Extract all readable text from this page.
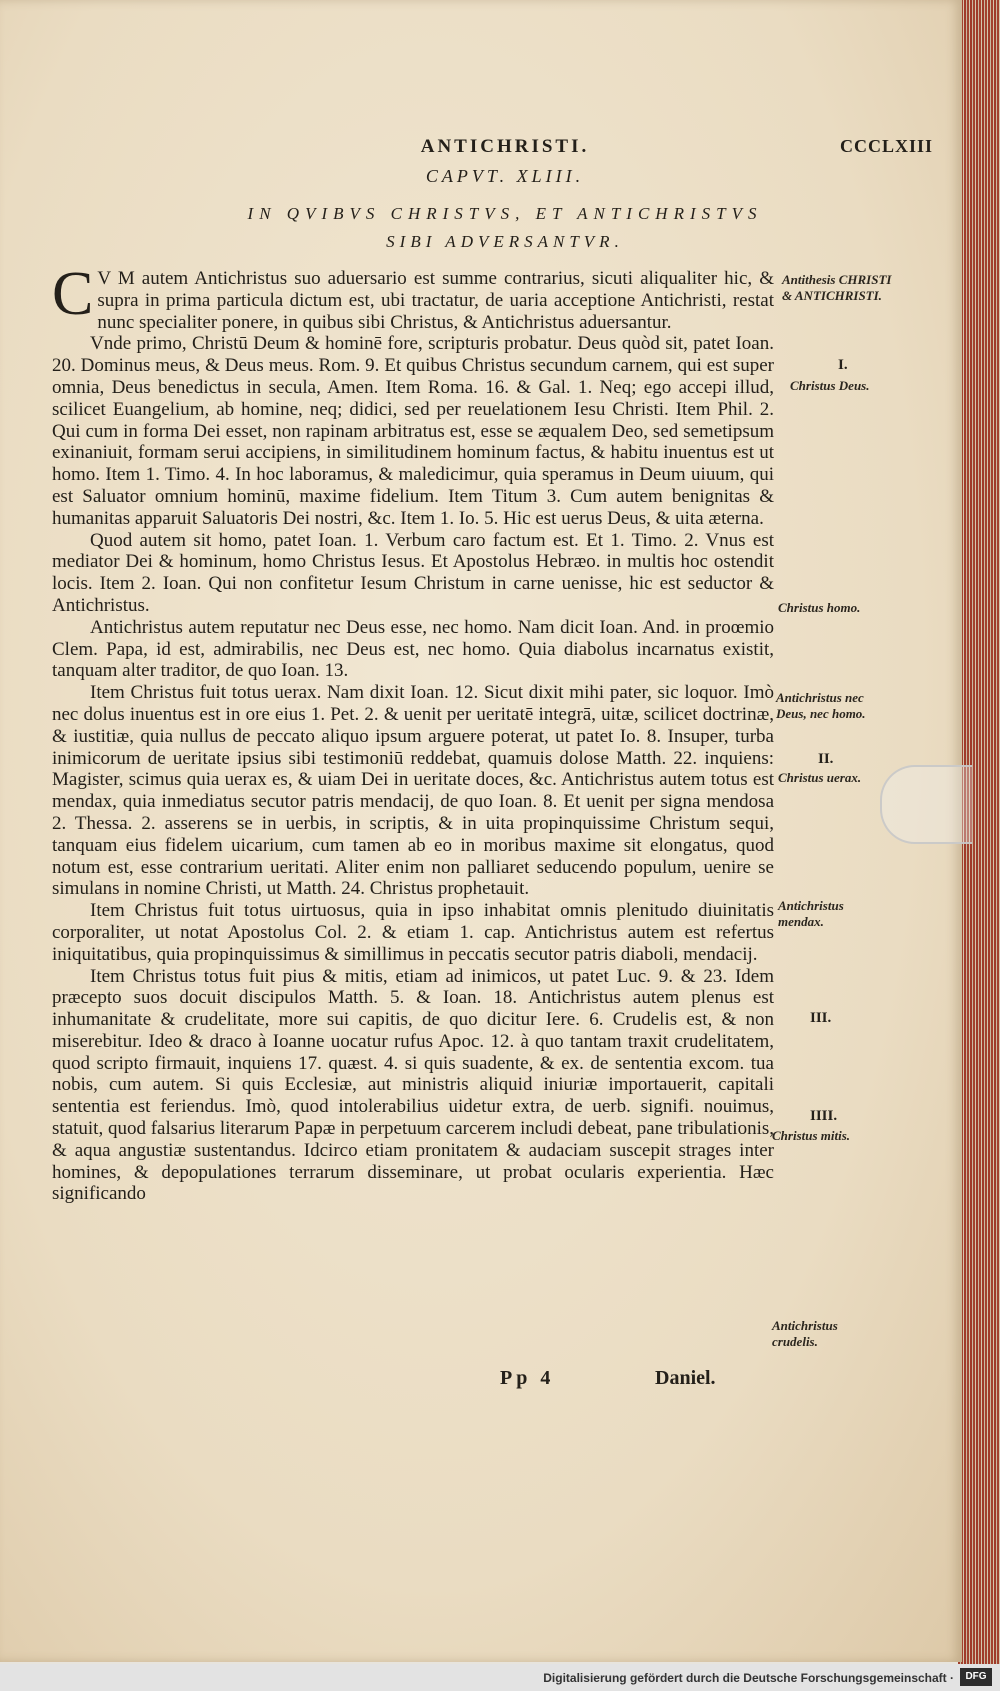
ANTICHRISTI.	CCCLXIII
CAPVT. XLIII.
IN QVIBVS CHRISTVS, ET ANTICHRISTVS
SIBI ADVERSANTVR.

C V M autem Antichristus suo aduersario est summe contrarius, sicuti aliqualiter hic, & supra in prima particula dictum est, ubi tractatur, de uaria acceptione Antichristi, restat nunc specialiter ponere, in quibus sibi Christus, & Antichristus aduersantur.

Vnde primo, Christū Deum & hominē fore, scripturis probatur. Deus quòd sit, patet Ioan. 20. Dominus meus, & Deus meus. Rom. 9. Et quibus Christus secundum carnem, qui est super omnia, Deus benedictus in secula, Amen. Item Roma. 16. & Gal. 1. Neq; ego accepi illud, scilicet Euangelium, ab homine, neq; didici, sed per reuelationem Iesu Christi. Item Phil. 2. Qui cum in forma Dei esset, non rapinam arbitratus est, esse se æqualem Deo, sed semetipsum exinaniuit, formam serui accipiens, in similitudinem hominum factus, & habitu inuentus est ut homo. Item 1. Timo. 4. In hoc laboramus, & maledicimur, quia speramus in Deum uiuum, qui est Saluator omnium hominū, maxime fidelium. Item Titum 3. Cum autem benignitas & humanitas apparuit Saluatoris Dei nostri, &c. Item 1. Io. 5. Hic est uerus Deus, & uita æterna.

Quod autem sit homo, patet Ioan. 1. Verbum caro factum est. Et 1. Timo. 2. Vnus est mediator Dei & hominum, homo Christus Iesus. Et Apostolus Hebræo. in multis hoc ostendit locis. Item 2. Ioan. Qui non confitetur Iesum Christum in carne uenisse, hic est seductor & Antichristus.

Antichristus autem reputatur nec Deus esse, nec homo. Nam dicit Ioan. And. in proœmio Clem. Papa, id est, admirabilis, nec Deus est, nec homo. Quia diabolus incarnatus existit, tanquam alter traditor, de quo Ioan. 13.

Item Christus fuit totus uerax. Nam dixit Ioan. 12. Sicut dixit mihi pater, sic loquor. Imò nec dolus inuentus est in ore eius 1. Pet. 2. & uenit per ueritatē integrā, uitæ, scilicet doctrinæ, & iustitiæ, quia nullus de peccato aliquo ipsum arguere poterat, ut patet Io. 8. Insuper, turba inimicorum de ueritate ipsius sibi testimoniū reddebat, quamuis dolose Matth. 22. inquiens: Magister, scimus quia uerax es, & uiam Dei in ueritate doces, &c. Antichristus autem totus est mendax, quia inmediatus secutor patris mendacij, de quo Ioan. 8. Et uenit per signa mendosa 2. Thessa. 2. asserens se in uerbis, in scriptis, & in uita propinquissime Christum sequi, tanquam eius fidelem uicarium, cum tamen ab eo in moribus maxime sit elongatus, quod notum est, esse contrarium ueritati. Aliter enim non palliaret seducendo populum, uenire se simulans in nomine Christi, ut Matth. 24. Christus prophetauit.

Item Christus fuit totus uirtuosus, quia in ipso inhabitat omnis plenitudo diuinitatis corporaliter, ut notat Apostolus Col. 2. & etiam 1. cap. Antichristus autem est refertus iniquitatibus, quia propinquissimus & simillimus in peccatis secutor patris diaboli, mendacij.

Item Christus totus fuit pius & mitis, etiam ad inimicos, ut patet Luc. 9. & 23. Idem præcepto suos docuit discipulos Matth. 5. & Ioan. 18. Antichristus autem plenus est inhumanitate & crudelitate, more sui capitis, de quo dicitur Iere. 6. Crudelis est, & non miserebitur. Ideo & draco à Ioanne uocatur rufus Apoc. 12. à quo tantam traxit crudelitatem, quod scripto firmauit, inquiens 17. quæst. 4. si quis suadente, & ex. de sententia excom. tua nobis, cum autem. Si quis Ecclesiæ, aut ministris aliquid iniuriæ importauerit, capitali sententia est feriendus. Imò, quod intolerabilius uidetur extra, de uerb. signifi. nouimus, statuit, quod falsarius literarum Papæ in perpetuum carcerem includi debeat, pane tribulationis, & aqua angustiæ sustentandus. Idcirco etiam pronitatem & audaciam suscepit strages inter homines, & depopulationes terrarum disseminare, ut probat ocularis experientia. Hæc significando

Antithesis CHRISTI & ANTICHRISTI.
I.
Christus Deus.
Christus homo.
Antichristus nec Deus, nec homo.
II.
Christus uerax.
Antichristus mendax.
III.
IIII.
Christus mitis.
Antichristus crudelis.
Pp 4	Daniel.
Digitalisierung gefördert durch die Deutsche Forschungsgemeinschaft ·	DFG
